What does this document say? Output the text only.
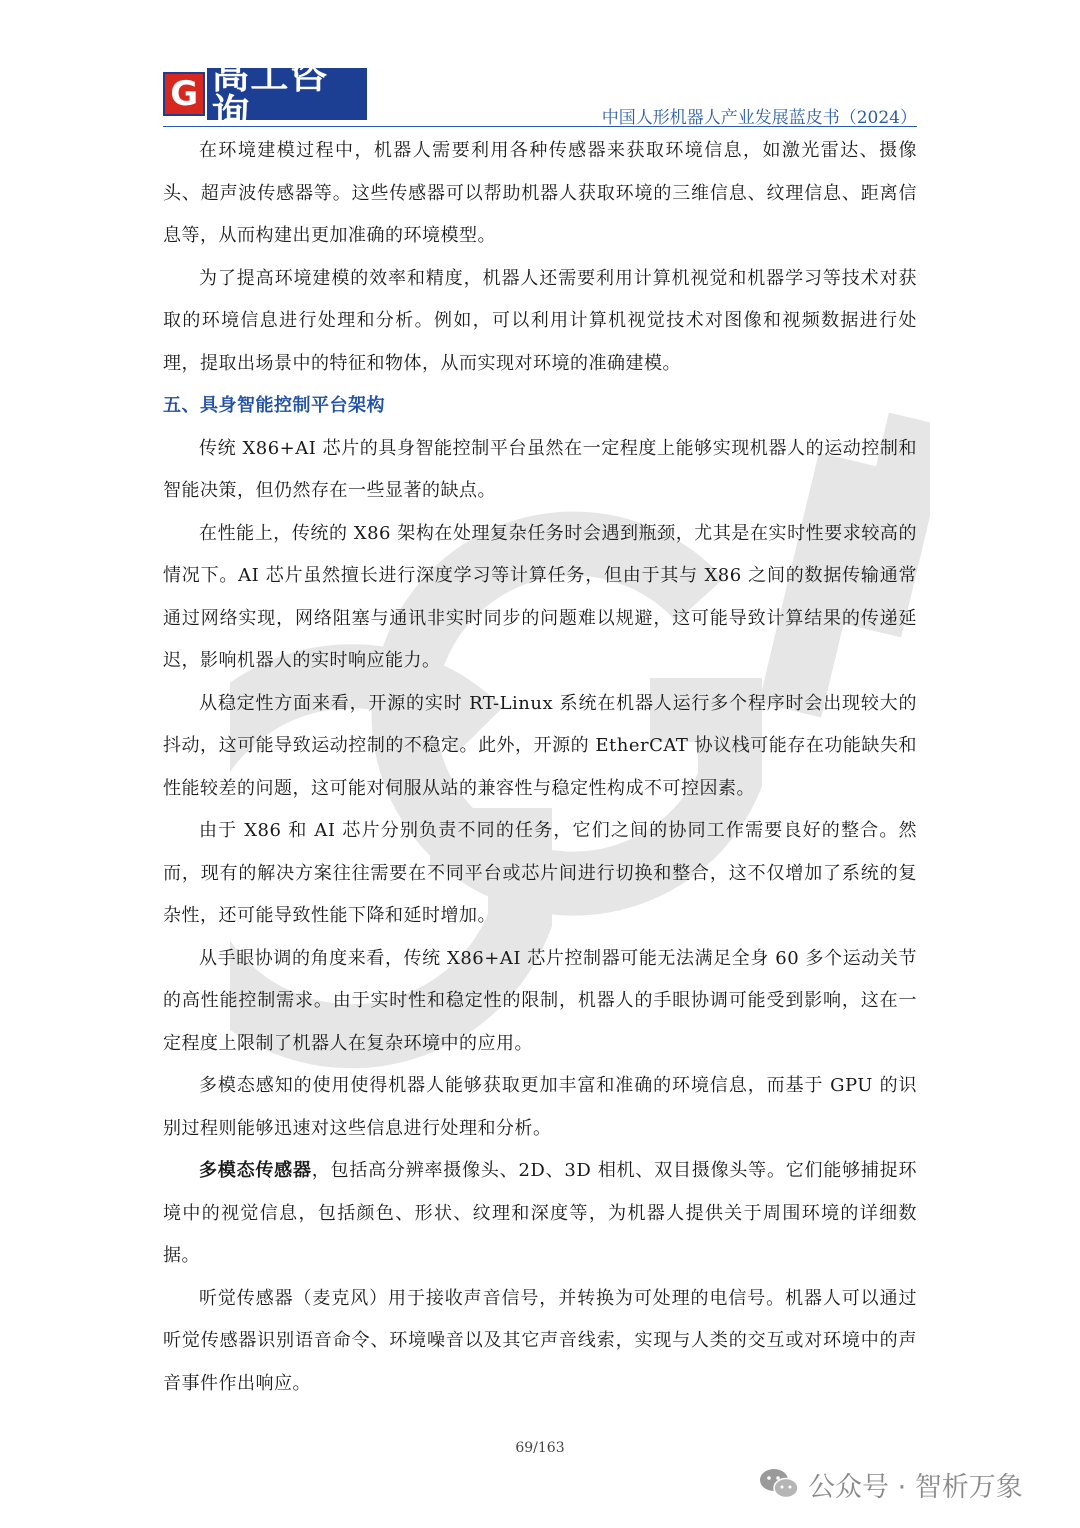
G 高工咨询	中国人形机器人产业发展蓝皮书（2024）

在环境建模过程中，机器人需要利用各种传感器来获取环境信息，如激光雷达、摄像头、超声波传感器等。这些传感器可以帮助机器人获取环境的三维信息、纹理信息、距离信息等，从而构建出更加准确的环境模型。

为了提高环境建模的效率和精度，机器人还需要利用计算机视觉和机器学习等技术对获取的环境信息进行处理和分析。例如，可以利用计算机视觉技术对图像和视频数据进行处理，提取出场景中的特征和物体，从而实现对环境的准确建模。

五、具身智能控制平台架构

传统 X86+AI 芯片的具身智能控制平台虽然在一定程度上能够实现机器人的运动控制和智能决策，但仍然存在一些显著的缺点。

在性能上，传统的 X86 架构在处理复杂任务时会遇到瓶颈，尤其是在实时性要求较高的情况下。AI 芯片虽然擅长进行深度学习等计算任务，但由于其与 X86 之间的数据传输通常通过网络实现，网络阻塞与通讯非实时同步的问题难以规避，这可能导致计算结果的传递延迟，影响机器人的实时响应能力。

从稳定性方面来看，开源的实时 RT-Linux 系统在机器人运行多个程序时会出现较大的抖动，这可能导致运动控制的不稳定。此外，开源的 EtherCAT 协议栈可能存在功能缺失和性能较差的问题，这可能对伺服从站的兼容性与稳定性构成不可控因素。

由于 X86 和 AI 芯片分别负责不同的任务，它们之间的协同工作需要良好的整合。然而，现有的解决方案往往需要在不同平台或芯片间进行切换和整合，这不仅增加了系统的复杂性，还可能导致性能下降和延时增加。

从手眼协调的角度来看，传统 X86+AI 芯片控制器可能无法满足全身 60 多个运动关节的高性能控制需求。由于实时性和稳定性的限制，机器人的手眼协调可能受到影响，这在一定程度上限制了机器人在复杂环境中的应用。

多模态感知的使用使得机器人能够获取更加丰富和准确的环境信息，而基于 GPU 的识别过程则能够迅速对这些信息进行处理和分析。

多模态传感器，包括高分辨率摄像头、2D、3D 相机、双目摄像头等。它们能够捕捉环境中的视觉信息，包括颜色、形状、纹理和深度等，为机器人提供关于周围环境的详细数据。

听觉传感器（麦克风）用于接收声音信号，并转换为可处理的电信号。机器人可以通过听觉传感器识别语音命令、环境噪音以及其它声音线索，实现与人类的交互或对环境中的声音事件作出响应。

69/163
公众号 · 智析万象
